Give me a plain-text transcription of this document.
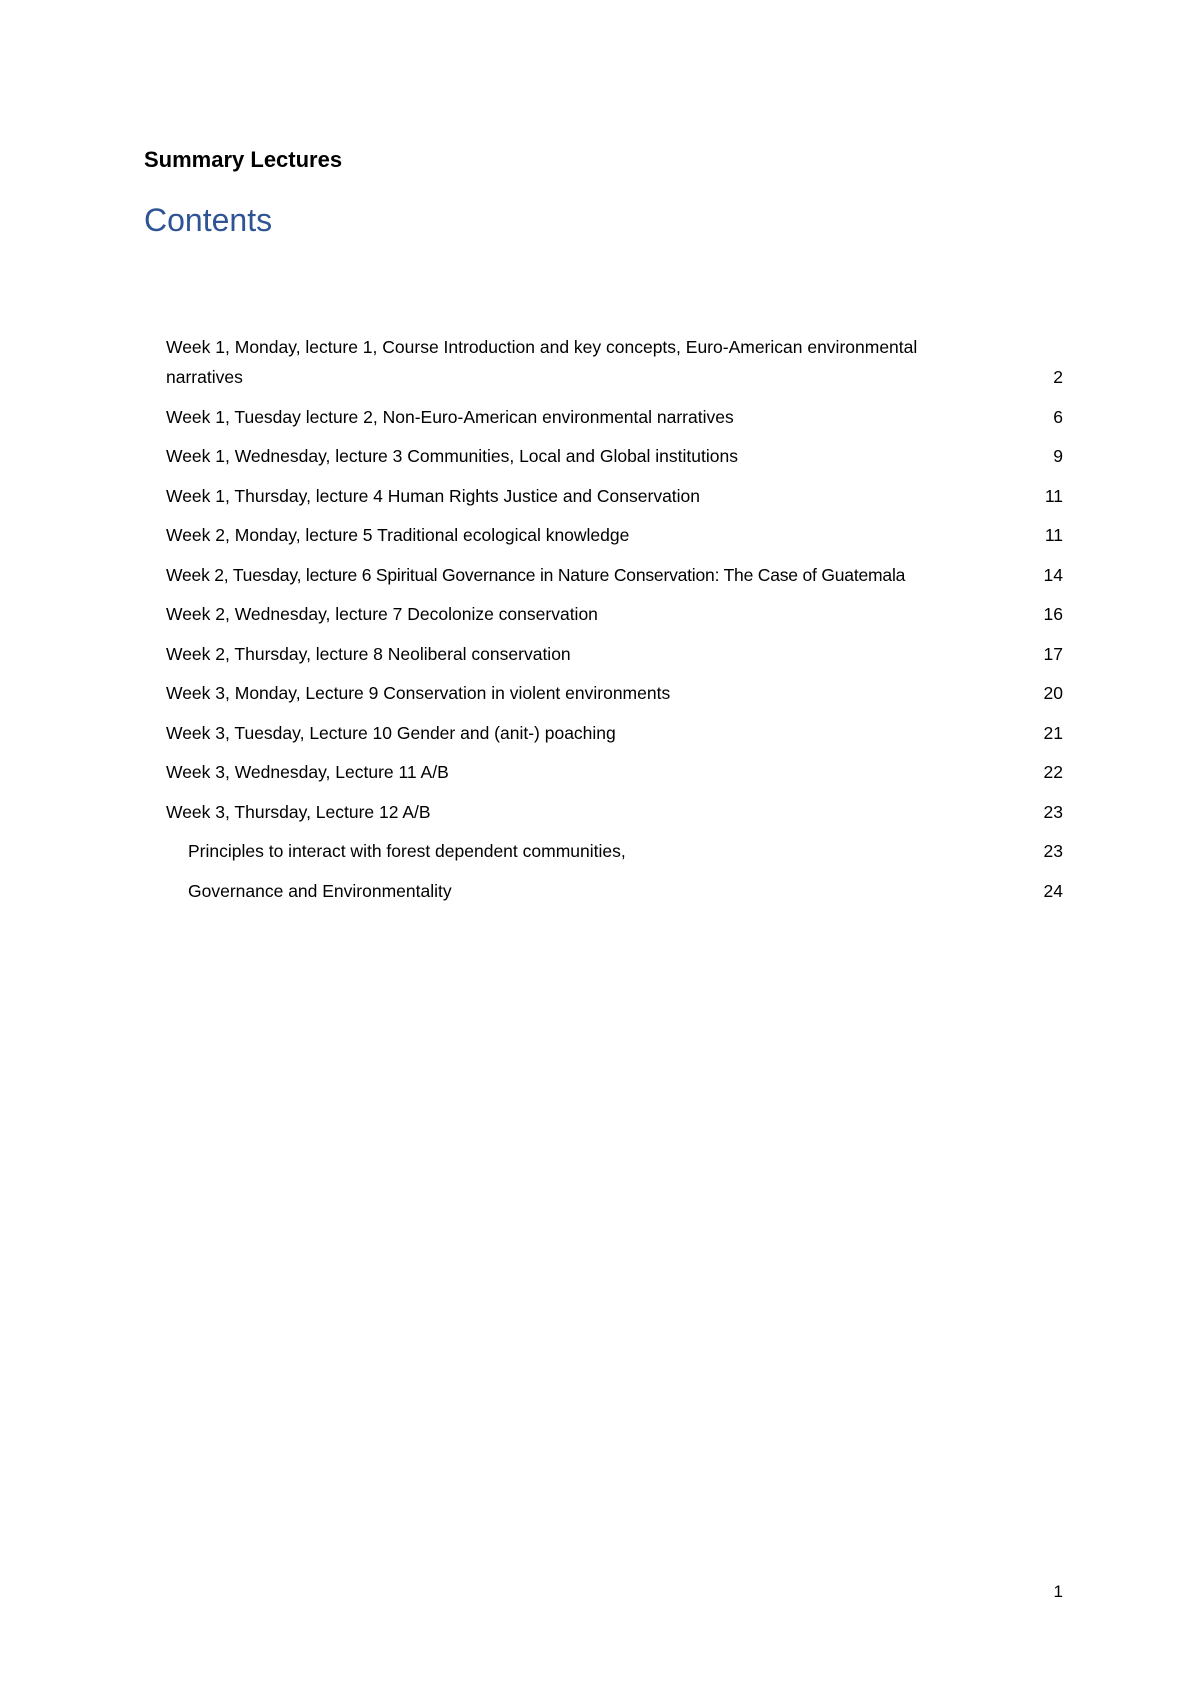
Summary Lectures
Contents
Week 1, Monday, lecture 1, Course Introduction and key concepts, Euro-American environmental
narratives	2
Week 1, Tuesday lecture 2, Non-Euro-American environmental narratives	6
Week 1, Wednesday, lecture 3 Communities, Local and Global institutions	9
Week 1, Thursday, lecture 4 Human Rights Justice and Conservation	11
Week 2, Monday, lecture 5 Traditional ecological knowledge	11
Week 2, Tuesday, lecture 6 Spiritual Governance in Nature Conservation: The Case of Guatemala	14
Week 2, Wednesday, lecture 7 Decolonize conservation	16
Week 2, Thursday, lecture 8 Neoliberal conservation	17
Week 3, Monday, Lecture 9 Conservation in violent environments	20
Week 3, Tuesday, Lecture 10 Gender and (anit-) poaching	21
Week 3, Wednesday, Lecture 11 A/B	22
Week 3, Thursday, Lecture 12 A/B	23
Principles to interact with forest dependent communities,	23
Governance and Environmentality	24

1
